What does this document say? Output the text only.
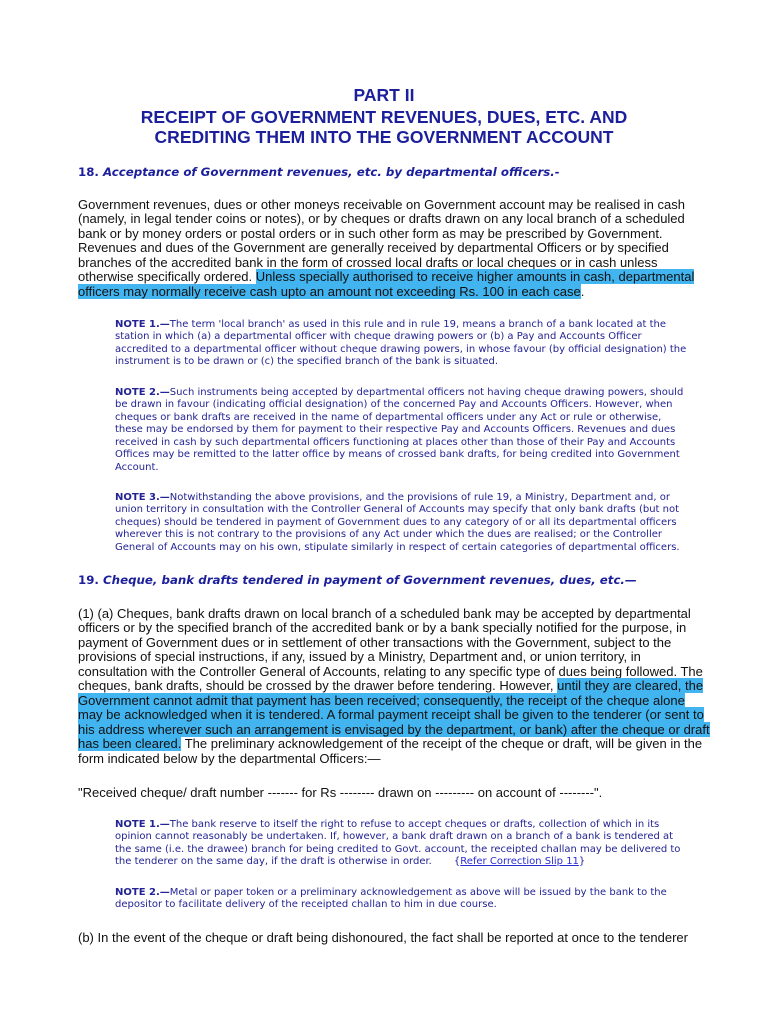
PART II
RECEIPT OF GOVERNMENT REVENUES, DUES, ETC. AND
CREDITING THEM INTO THE GOVERNMENT ACCOUNT
18. Acceptance of Government revenues, etc. by departmental officers.-

Government revenues, dues or other moneys receivable on Government account may be realised in cash
(namely, in legal tender coins or notes), or by cheques or drafts drawn on any local branch of a scheduled
bank or by money orders or postal orders or in such other form as may be prescribed by Government.
Revenues and dues of the Government are generally received by departmental Officers or by specified
branches of the accredited bank in the form of crossed local drafts or local cheques or in cash unless
otherwise specifically ordered. Unless specially authorised to receive higher amounts in cash, departmental
officers may normally receive cash upto an amount not exceeding Rs. 100 in each case.

NOTE 1.—The term 'local branch' as used in this rule and in rule 19, means a branch of a bank located at the
station in which (a) a departmental officer with cheque drawing powers or (b) a Pay and Accounts Officer
accredited to a departmental officer without cheque drawing powers, in whose favour (by official designation) the
instrument is to be drawn or (c) the specified branch of the bank is situated.

NOTE 2.—Such instruments being accepted by departmental officers not having cheque drawing powers, should
be drawn in favour (indicating official designation) of the concerned Pay and Accounts Officers. However, when
cheques or bank drafts are received in the name of departmental officers under any Act or rule or otherwise,
these may be endorsed by them for payment to their respective Pay and Accounts Officers. Revenues and dues
received in cash by such departmental officers functioning at places other than those of their Pay and Accounts
Offices may be remitted to the latter office by means of crossed bank drafts, for being credited into Government
Account.

NOTE 3.—Notwithstanding the above provisions, and the provisions of rule 19, a Ministry, Department and, or
union territory in consultation with the Controller General of Accounts may specify that only bank drafts (but not
cheques) should be tendered in payment of Government dues to any category of or all its departmental officers
wherever this is not contrary to the provisions of any Act under which the dues are realised; or the Controller
General of Accounts may on his own, stipulate similarly in respect of certain categories of departmental officers.

19. Cheque, bank drafts tendered in payment of Government revenues, dues, etc.—

(1) (a) Cheques, bank drafts drawn on local branch of a scheduled bank may be accepted by departmental
officers or by the specified branch of the accredited bank or by a bank specially notified for the purpose, in
payment of Government dues or in settlement of other transactions with the Government, subject to the
provisions of special instructions, if any, issued by a Ministry, Department and, or union territory, in
consultation with the Controller General of Accounts, relating to any specific type of dues being followed. The
cheques, bank drafts, should be crossed by the drawer before tendering. However, until they are cleared, the
Government cannot admit that payment has been received; consequently, the receipt of the cheque alone
may be acknowledged when it is tendered. A formal payment receipt shall be given to the tenderer (or sent to
his address wherever such an arrangement is envisaged by the department, or bank) after the cheque or draft
has been cleared. The preliminary acknowledgement of the receipt of the cheque or draft, will be given in the
form indicated below by the departmental Officers:—

"Received cheque/ draft number ------- for Rs -------- drawn on --------- on account of --------".

NOTE 1.—The bank reserve to itself the right to refuse to accept cheques or drafts, collection of which in its
opinion cannot reasonably be undertaken. If, however, a bank draft drawn on a branch of a bank is tendered at
the same (i.e. the drawee) branch for being credited to Govt. account, the receipted challan may be delivered to
the tenderer on the same day, if the draft is otherwise in order. {Refer Correction Slip 11}

NOTE 2.—Metal or paper token or a preliminary acknowledgement as above will be issued by the bank to the
depositor to facilitate delivery of the receipted challan to him in due course.

(b) In the event of the cheque or draft being dishonoured, the fact shall be reported at once to the tenderer
